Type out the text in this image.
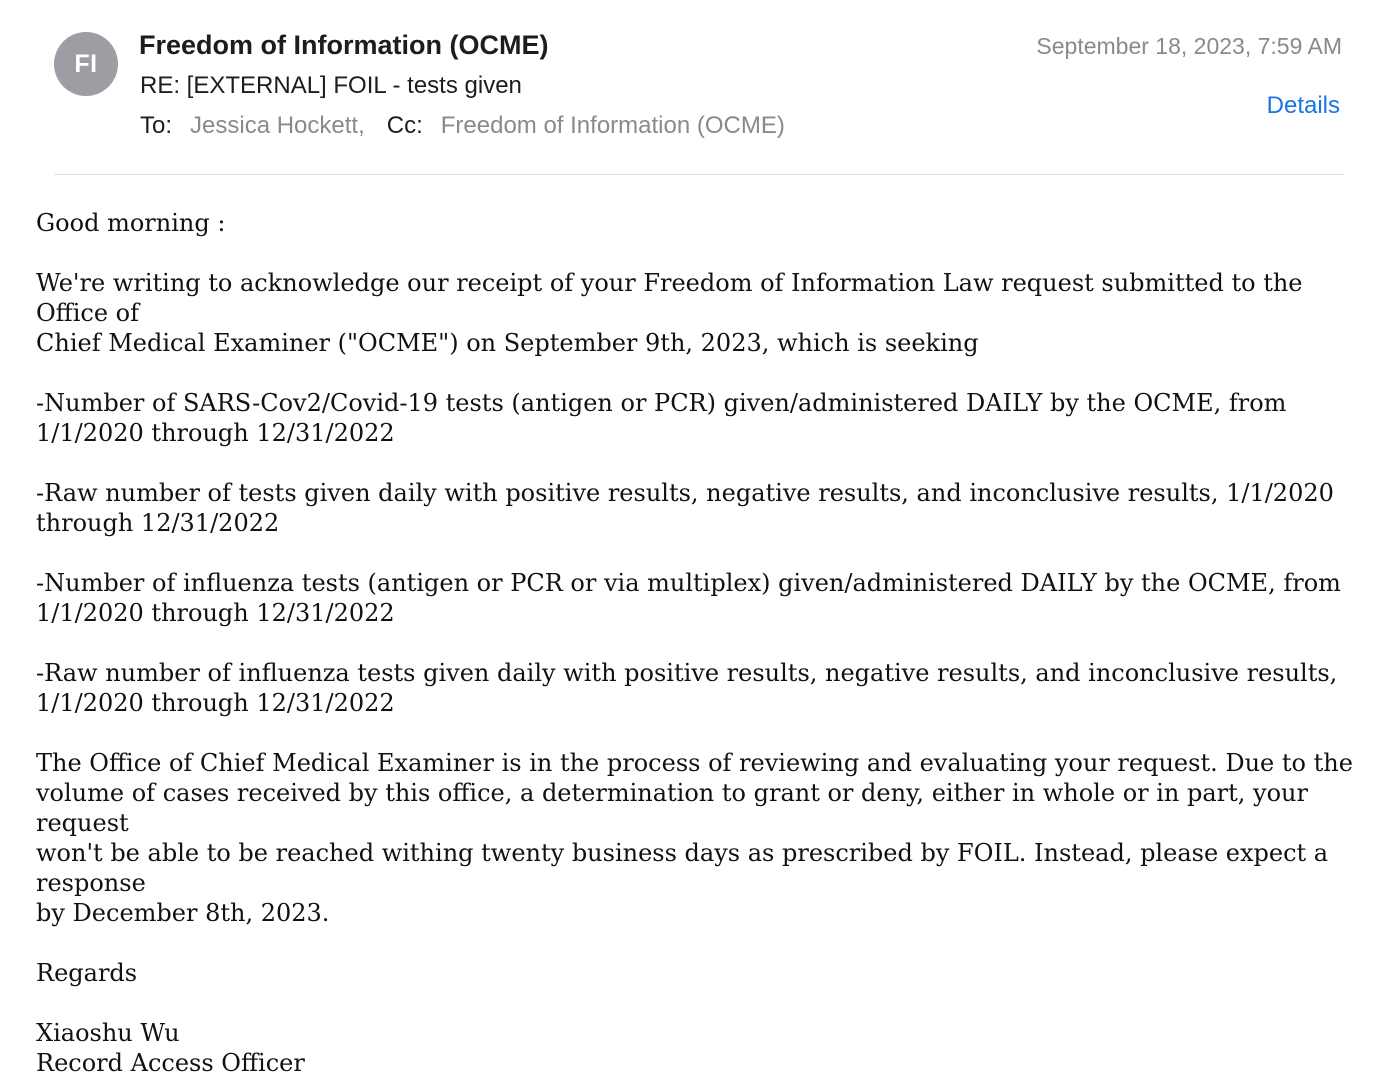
FI
Freedom of Information (OCME)
RE: [EXTERNAL] FOIL - tests given
To: Jessica Hockett, Cc: Freedom of Information (OCME)
September 18, 2023, 7:59 AM
Details

Good morning :

We're writing to acknowledge our receipt of your Freedom of Information Law request submitted to the Office of
Chief Medical Examiner ("OCME") on September 9th, 2023, which is seeking

-Number of SARS-Cov2/Covid-19 tests (antigen or PCR) given/administered DAILY by the OCME, from
1/1/2020 through 12/31/2022

-Raw number of tests given daily with positive results, negative results, and inconclusive results, 1/1/2020
through 12/31/2022

-Number of influenza tests (antigen or PCR or via multiplex) given/administered DAILY by the OCME, from
1/1/2020 through 12/31/2022

-Raw number of influenza tests given daily with positive results, negative results, and inconclusive results,
1/1/2020 through 12/31/2022

The Office of Chief Medical Examiner is in the process of reviewing and evaluating your request. Due to the
volume of cases received by this office, a determination to grant or deny, either in whole or in part, your request
won't be able to be reached withing twenty business days as prescribed by FOIL. Instead, please expect a response
by December 8th, 2023.

Regards

Xiaoshu Wu

Record Access Officer
